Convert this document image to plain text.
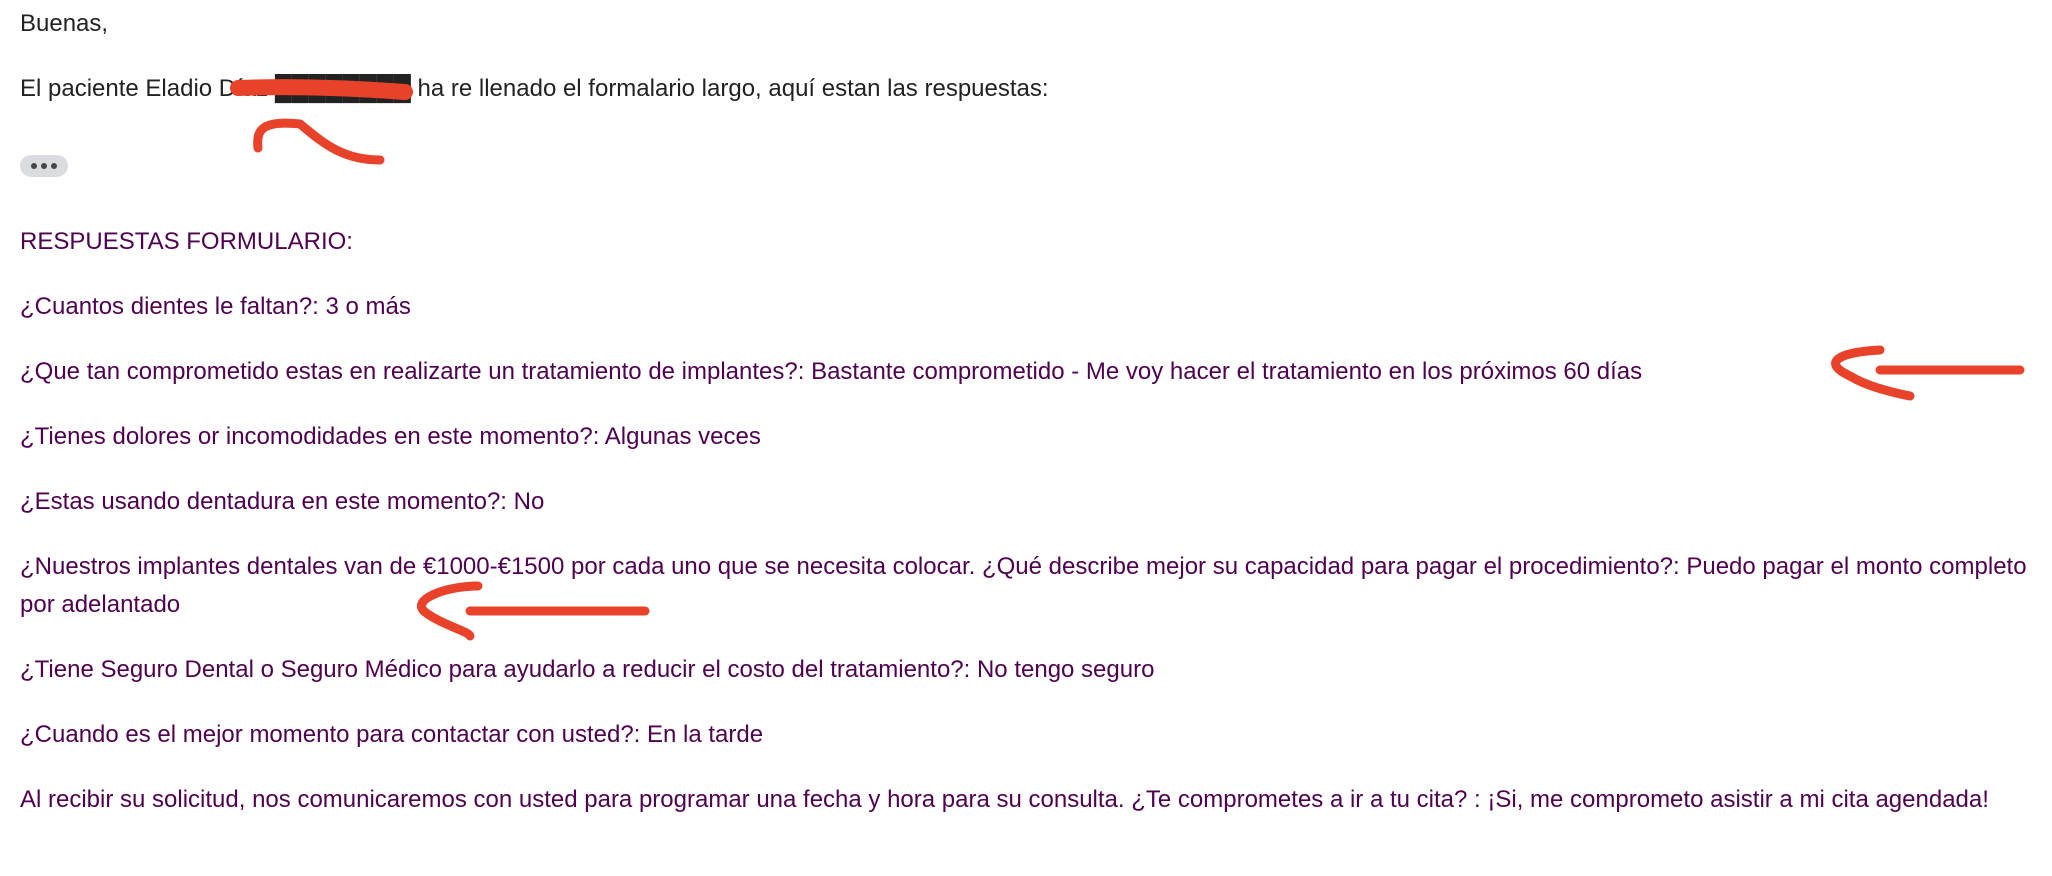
Buenas,

El paciente Eladio Díaz ████████ ha re llenado el formalario largo, aquí estan las respuestas:

RESPUESTAS FORMULARIO:

¿Cuantos dientes le faltan?: 3 o más

¿Que tan comprometido estas en realizarte un tratamiento de implantes?: Bastante comprometido - Me voy hacer el tratamiento en los próximos 60 días

¿Tienes dolores or incomodidades en este momento?: Algunas veces

¿Estas usando dentadura en este momento?: No

¿Nuestros implantes dentales van de €1000-€1500 por cada uno que se necesita colocar. ¿Qué describe mejor su capacidad para pagar el procedimiento?: Puedo pagar el monto completo por adelantado

¿Tiene Seguro Dental o Seguro Médico para ayudarlo a reducir el costo del tratamiento?: No tengo seguro

¿Cuando es el mejor momento para contactar con usted?: En la tarde

Al recibir su solicitud, nos comunicaremos con usted para programar una fecha y hora para su consulta. ¿Te comprometes a ir a tu cita? : ¡Si, me comprometo asistir a mi cita agendada!
